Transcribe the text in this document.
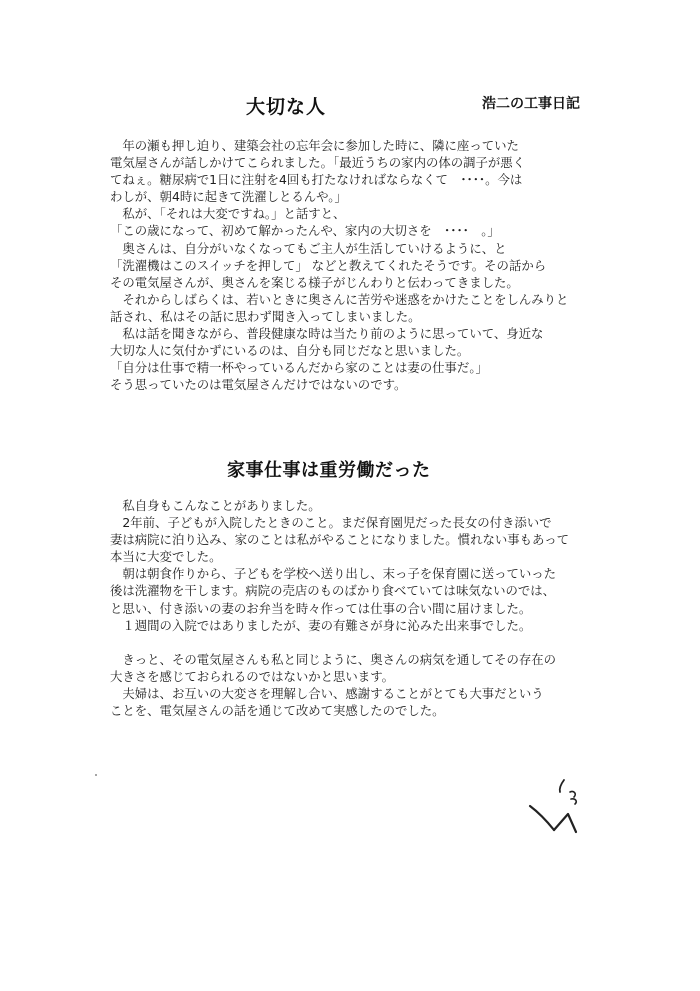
大切な人	浩二の工事日記
　年の瀬も押し迫り、建築会社の忘年会に参加した時に、隣に座っていた
電気屋さんが話しかけてこられました。「最近うちの家内の体の調子が悪く
てねぇ。糖尿病で1日に注射を4回も打たなければならなくて　････。今は
わしが、朝4時に起きて洗濯しとるんや。」
　私が、「それは大変ですね。」と話すと、
「この歳になって、初めて解かったんや、家内の大切さを　････　。」
　奥さんは、自分がいなくなってもご主人が生活していけるように、と
「洗濯機はこのスイッチを押して」 などと教えてくれたそうです。その話から
その電気屋さんが、奥さんを案じる様子がじんわりと伝わってきました。
　それからしばらくは、若いときに奥さんに苦労や迷惑をかけたことをしんみりと
話され、私はその話に思わず聞き入ってしまいました。
　私は話を聞きながら、普段健康な時は当たり前のように思っていて、身近な
大切な人に気付かずにいるのは、自分も同じだなと思いました。
「自分は仕事で精一杯やっているんだから家のことは妻の仕事だ。」
そう思っていたのは電気屋さんだけではないのです。
家事仕事は重労働だった
　私自身もこんなことがありました。
　2年前、子どもが入院したときのこと。まだ保育園児だった長女の付き添いで
妻は病院に泊り込み、家のことは私がやることになりました。慣れない事もあって
本当に大変でした。
　朝は朝食作りから、子どもを学校へ送り出し、末っ子を保育園に送っていった
後は洗濯物を干します。病院の売店のものばかり食べていては味気ないのでは、
と思い、付き添いの妻のお弁当を時々作っては仕事の合い間に届けました。
　１週間の入院ではありましたが、妻の有難さが身に沁みた出来事でした。
　きっと、その電気屋さんも私と同じように、奥さんの病気を通してその存在の
大きさを感じておられるのではないかと思います。
　夫婦は、お互いの大変さを理解し合い、感謝することがとても大事だという
ことを、電気屋さんの話を通じて改めて実感したのでした。
